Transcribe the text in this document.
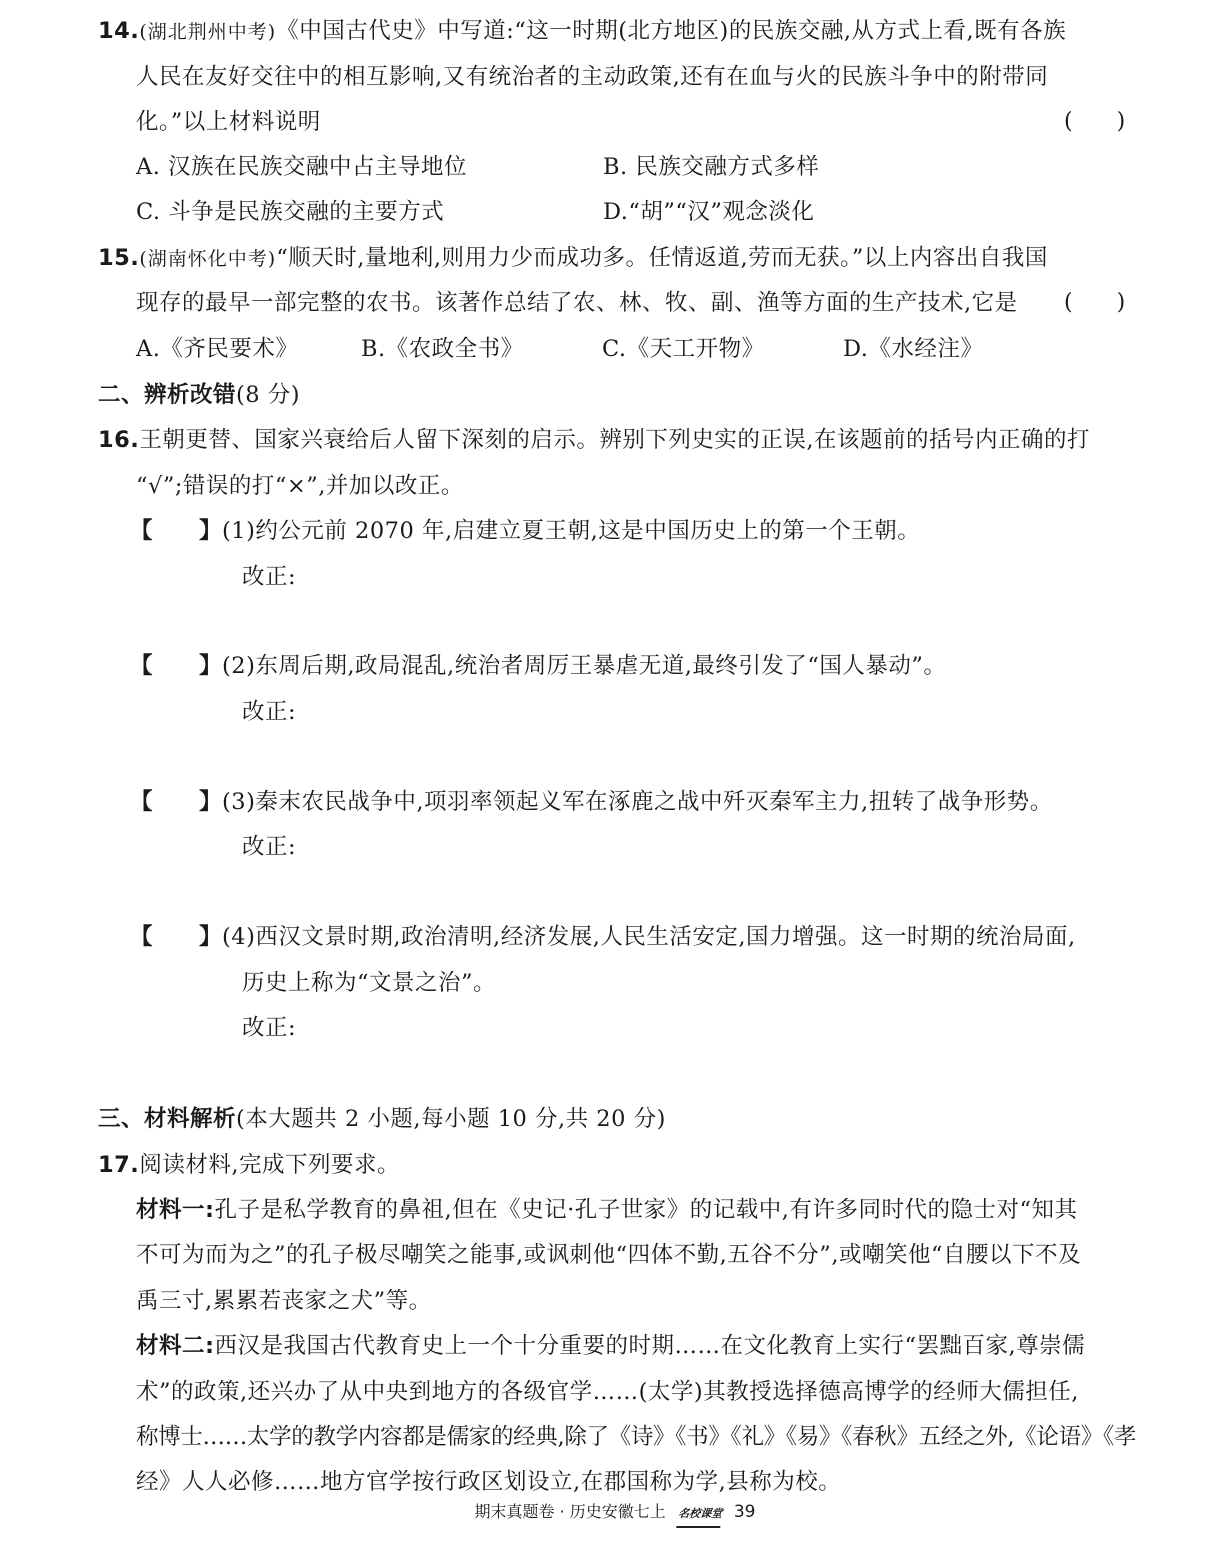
14.(湖北荆州中考)《中国古代史》中写道:“这一时期(北方地区)的民族交融,从方式上看,既有各族
人民在友好交往中的相互影响,又有统治者的主动政策,还有在血与火的民族斗争中的附带同
化。”以上材料说明	(　　)
A. 汉族在民族交融中占主导地位	B. 民族交融方式多样
C. 斗争是民族交融的主要方式	D.“胡”“汉”观念淡化
15.(湖南怀化中考)“顺天时,量地利,则用力少而成功多。任情返道,劳而无获。”以上内容出自我国
现存的最早一部完整的农书。该著作总结了农、林、牧、副、渔等方面的生产技术,它是 (　　)
A.《齐民要术》	B.《农政全书》	C.《天工开物》	D.《水经注》
二、辨析改错(8 分)
16.王朝更替、国家兴衰给后人留下深刻的启示。辨别下列史实的正误,在该题前的括号内正确的打
“√”;错误的打“×”,并加以改正。
【　　】(1)约公元前 2070 年,启建立夏王朝,这是中国历史上的第一个王朝。
改正:
【　　】(2)东周后期,政局混乱,统治者周厉王暴虐无道,最终引发了“国人暴动”。
改正:
【　　】(3)秦末农民战争中,项羽率领起义军在涿鹿之战中歼灭秦军主力,扭转了战争形势。
改正:
【　　】(4)西汉文景时期,政治清明,经济发展,人民生活安定,国力增强。这一时期的统治局面,
历史上称为“文景之治”。
改正:
三、材料解析(本大题共 2 小题,每小题 10 分,共 20 分)
17.阅读材料,完成下列要求。
材料一:孔子是私学教育的鼻祖,但在《史记·孔子世家》的记载中,有许多同时代的隐士对“知其
不可为而为之”的孔子极尽嘲笑之能事,或讽刺他“四体不勤,五谷不分”,或嘲笑他“自腰以下不及
禹三寸,累累若丧家之犬”等。
材料二:西汉是我国古代教育史上一个十分重要的时期……在文化教育上实行“罢黜百家,尊崇儒
术”的政策,还兴办了从中央到地方的各级官学……(太学)其教授选择德高博学的经师大儒担任,
称博士……太学的教学内容都是儒家的经典,除了《诗》《书》《礼》《易》《春秋》五经之外,《论语》《孝
经》人人必修……地方官学按行政区划设立,在郡国称为学,县称为校。
期末真题卷 · 历史安徽七上 名校课堂 39
